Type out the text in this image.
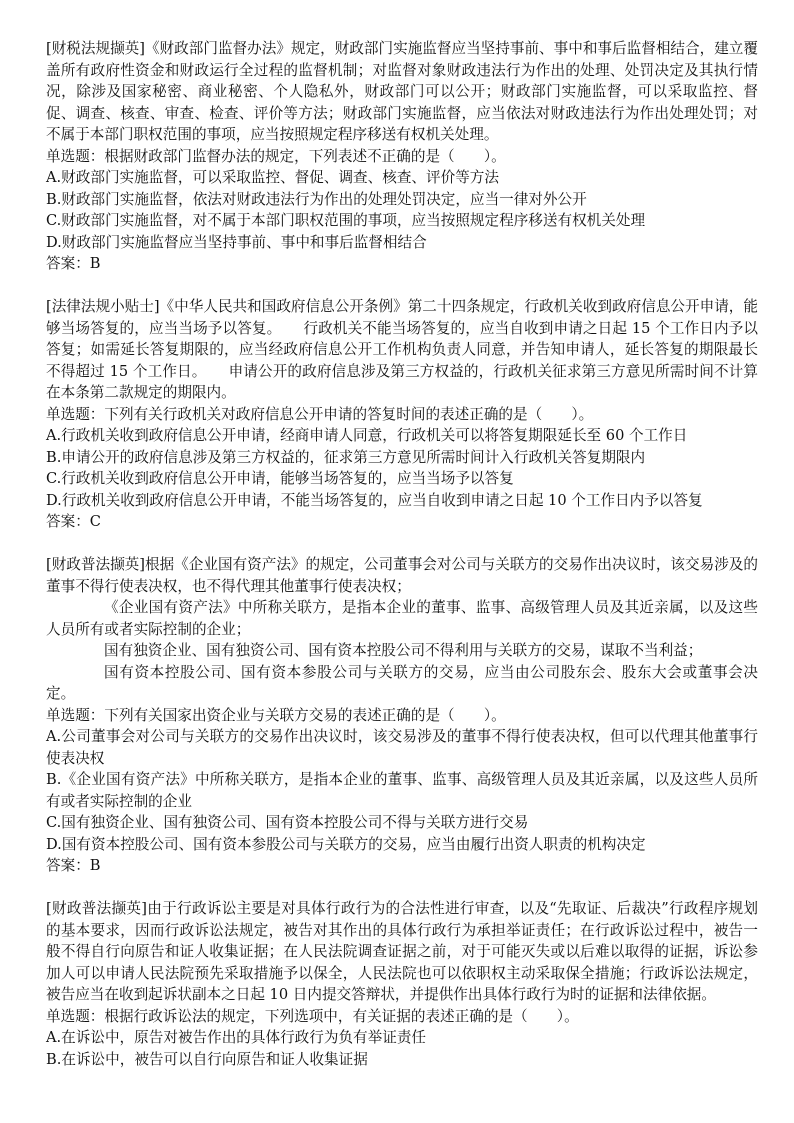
[财税法规撷英]《财政部门监督办法》规定，财政部门实施监督应当坚持事前、事中和事后监督相结合，建立覆盖所有政府性资金和财政运行全过程的监督机制；对监督对象财政违法行为作出的处理、处罚决定及其执行情况，除涉及国家秘密、商业秘密、个人隐私外，财政部门可以公开；财政部门实施监督，可以采取监控、督促、调查、核查、审查、检查、评价等方法；财政部门实施监督，应当依法对财政违法行为作出处理处罚；对不属于本部门职权范围的事项，应当按照规定程序移送有权机关处理。

单选题：根据财政部门监督办法的规定，下列表述不正确的是（　　）。

A.财政部门实施监督，可以采取监控、督促、调查、核查、评价等方法

B.财政部门实施监督，依法对财政违法行为作出的处理处罚决定，应当一律对外公开

C.财政部门实施监督，对不属于本部门职权范围的事项，应当按照规定程序移送有权机关处理

D.财政部门实施监督应当坚持事前、事中和事后监督相结合

答案：B

[法律法规小贴士]《中华人民共和国政府信息公开条例》第二十四条规定，行政机关收到政府信息公开申请，能够当场答复的，应当当场予以答复。　　行政机关不能当场答复的，应当自收到申请之日起 15 个工作日内予以答复；如需延长答复期限的，应当经政府信息公开工作机构负责人同意，并告知申请人，延长答复的期限最长不得超过 15 个工作日。　　申请公开的政府信息涉及第三方权益的，行政机关征求第三方意见所需时间不计算在本条第二款规定的期限内。

单选题：下列有关行政机关对政府信息公开申请的答复时间的表述正确的是（　　）。

A.行政机关收到政府信息公开申请，经商申请人同意，行政机关可以将答复期限延长至 60 个工作日

B.申请公开的政府信息涉及第三方权益的，征求第三方意见所需时间计入行政机关答复期限内

C.行政机关收到政府信息公开申请，能够当场答复的，应当当场予以答复

D.行政机关收到政府信息公开申请，不能当场答复的，应当自收到申请之日起 10 个工作日内予以答复

答案：C

[财政普法撷英]根据《企业国有资产法》的规定，公司董事会对公司与关联方的交易作出决议时，该交易涉及的董事不得行使表决权，也不得代理其他董事行使表决权；

《企业国有资产法》中所称关联方，是指本企业的董事、监事、高级管理人员及其近亲属，以及这些人员所有或者实际控制的企业；

国有独资企业、国有独资公司、国有资本控股公司不得利用与关联方的交易，谋取不当利益；

国有资本控股公司、国有资本参股公司与关联方的交易，应当由公司股东会、股东大会或董事会决定。

单选题：下列有关国家出资企业与关联方交易的表述正确的是（　　）。

A.公司董事会对公司与关联方的交易作出决议时，该交易涉及的董事不得行使表决权，但可以代理其他董事行使表决权

B.《企业国有资产法》中所称关联方，是指本企业的董事、监事、高级管理人员及其近亲属，以及这些人员所有或者实际控制的企业

C.国有独资企业、国有独资公司、国有资本控股公司不得与关联方进行交易

D.国有资本控股公司、国有资本参股公司与关联方的交易，应当由履行出资人职责的机构决定

答案：B

[财政普法撷英]由于行政诉讼主要是对具体行政行为的合法性进行审查，以及“先取证、后裁决”行政程序规划的基本要求，因而行政诉讼法规定，被告对其作出的具体行政行为承担举证责任；在行政诉讼过程中，被告一般不得自行向原告和证人收集证据；在人民法院调查证据之前，对于可能灭失或以后难以取得的证据，诉讼参加人可以申请人民法院预先采取措施予以保全，人民法院也可以依职权主动采取保全措施；行政诉讼法规定，被告应当在收到起诉状副本之日起 10 日内提交答辩状，并提供作出具体行政行为时的证据和法律依据。

单选题：根据行政诉讼法的规定，下列选项中，有关证据的表述正确的是（　　）。

A.在诉讼中，原告对被告作出的具体行政行为负有举证责任

B.在诉讼中，被告可以自行向原告和证人收集证据
